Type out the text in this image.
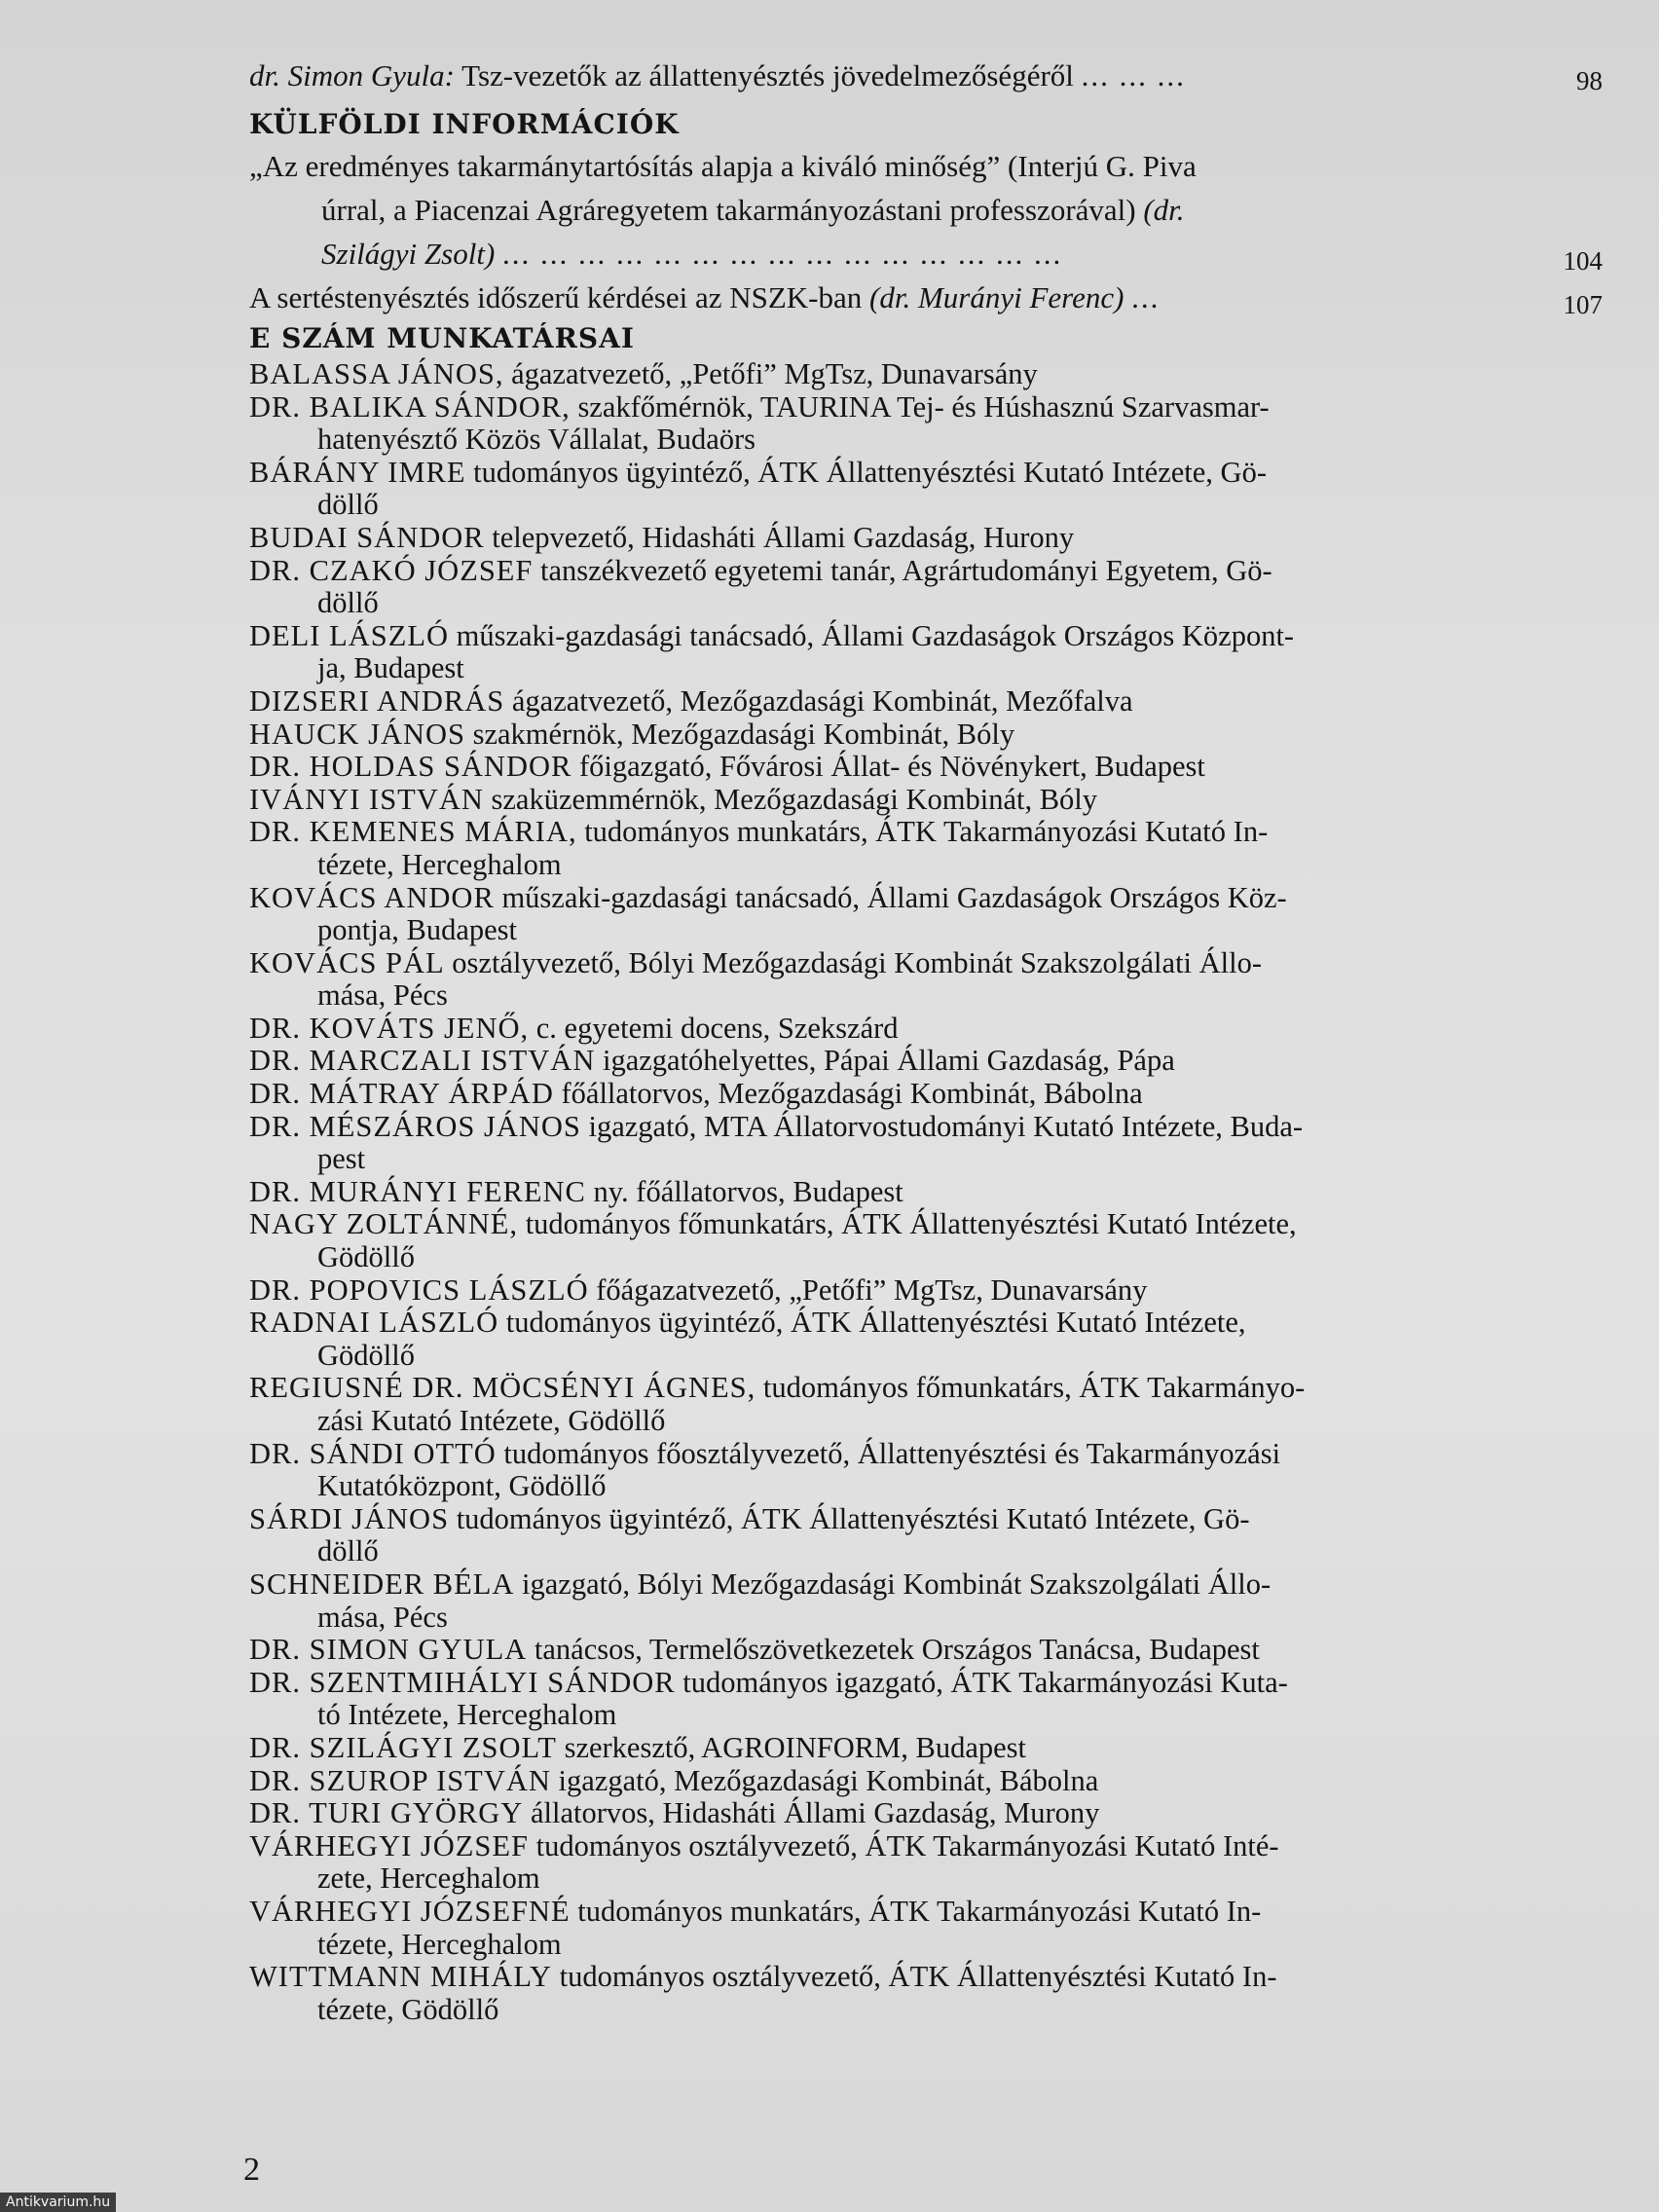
dr. Simon Gyula: Tsz-vezetők az állattenyésztés jövedelmezőségéről ... ... ...	98
KÜLFÖLDI INFORMÁCIÓK
„Az eredményes takarmánytartósítás alapja a kiváló minőség” (Interjú G. Piva
úrral, a Piacenzai Agráregyetem takarmányozástani professzorával) (dr.
Szilágyi Zsolt) ... ... ... ... ... ... ... ... ... ... ... ... ... ... ...	104
A sertéstenyésztés időszerű kérdései az NSZK-ban (dr. Murányi Ferenc) ...	107
E SZÁM MUNKATÁRSAI
BALASSA JÁNOS, ágazatvezető, „Petőfi” MgTsz, Dunavarsány
DR. BALIKA SÁNDOR, szakfőmérnök, TAURINA Tej- és Húshasznú Szarvasmar-
hatenyésztő Közös Vállalat, Budaörs
BÁRÁNY IMRE tudományos ügyintéző, ÁTK Állattenyésztési Kutató Intézete, Gö-
döllő
BUDAI SÁNDOR telepvezető, Hidasháti Állami Gazdaság, Hurony
DR. CZAKÓ JÓZSEF tanszékvezető egyetemi tanár, Agrártudományi Egyetem, Gö-
döllő
DELI LÁSZLÓ műszaki-gazdasági tanácsadó, Állami Gazdaságok Országos Központ-
ja, Budapest
DIZSERI ANDRÁS ágazatvezető, Mezőgazdasági Kombinát, Mezőfalva
HAUCK JÁNOS szakmérnök, Mezőgazdasági Kombinát, Bóly
DR. HOLDAS SÁNDOR főigazgató, Fővárosi Állat- és Növénykert, Budapest
IVÁNYI ISTVÁN szaküzemmérnök, Mezőgazdasági Kombinát, Bóly
DR. KEMENES MÁRIA, tudományos munkatárs, ÁTK Takarmányozási Kutató In-
tézete, Herceghalom
KOVÁCS ANDOR műszaki-gazdasági tanácsadó, Állami Gazdaságok Országos Köz-
pontja, Budapest
KOVÁCS PÁL osztályvezető, Bólyi Mezőgazdasági Kombinát Szakszolgálati Állo-
mása, Pécs
DR. KOVÁTS JENŐ, c. egyetemi docens, Szekszárd
DR. MARCZALI ISTVÁN igazgatóhelyettes, Pápai Állami Gazdaság, Pápa
DR. MÁTRAY ÁRPÁD főállatorvos, Mezőgazdasági Kombinát, Bábolna
DR. MÉSZÁROS JÁNOS igazgató, MTA Állatorvostudományi Kutató Intézete, Buda-
pest
DR. MURÁNYI FERENC ny. főállatorvos, Budapest
NAGY ZOLTÁNNÉ, tudományos főmunkatárs, ÁTK Állattenyésztési Kutató Intézete,
Gödöllő
DR. POPOVICS LÁSZLÓ főágazatvezető, „Petőfi” MgTsz, Dunavarsány
RADNAI LÁSZLÓ tudományos ügyintéző, ÁTK Állattenyésztési Kutató Intézete,
Gödöllő
REGIUSNÉ DR. MÖCSÉNYI ÁGNES, tudományos főmunkatárs, ÁTK Takarmányo-
zási Kutató Intézete, Gödöllő
DR. SÁNDI OTTÓ tudományos főosztályvezető, Állattenyésztési és Takarmányozási
Kutatóközpont, Gödöllő
SÁRDI JÁNOS tudományos ügyintéző, ÁTK Állattenyésztési Kutató Intézete, Gö-
döllő
SCHNEIDER BÉLA igazgató, Bólyi Mezőgazdasági Kombinát Szakszolgálati Állo-
mása, Pécs
DR. SIMON GYULA tanácsos, Termelőszövetkezetek Országos Tanácsa, Budapest
DR. SZENTMIHÁLYI SÁNDOR tudományos igazgató, ÁTK Takarmányozási Kuta-
tó Intézete, Herceghalom
DR. SZILÁGYI ZSOLT szerkesztő, AGROINFORM, Budapest
DR. SZUROP ISTVÁN igazgató, Mezőgazdasági Kombinát, Bábolna
DR. TURI GYÖRGY állatorvos, Hidasháti Állami Gazdaság, Murony
VÁRHEGYI JÓZSEF tudományos osztályvezető, ÁTK Takarmányozási Kutató Inté-
zete, Herceghalom
VÁRHEGYI JÓZSEFNÉ tudományos munkatárs, ÁTK Takarmányozási Kutató In-
tézete, Herceghalom
WITTMANN MIHÁLY tudományos osztályvezető, ÁTK Állattenyésztési Kutató In-
tézete, Gödöllő
2
Antikvarium.hu
